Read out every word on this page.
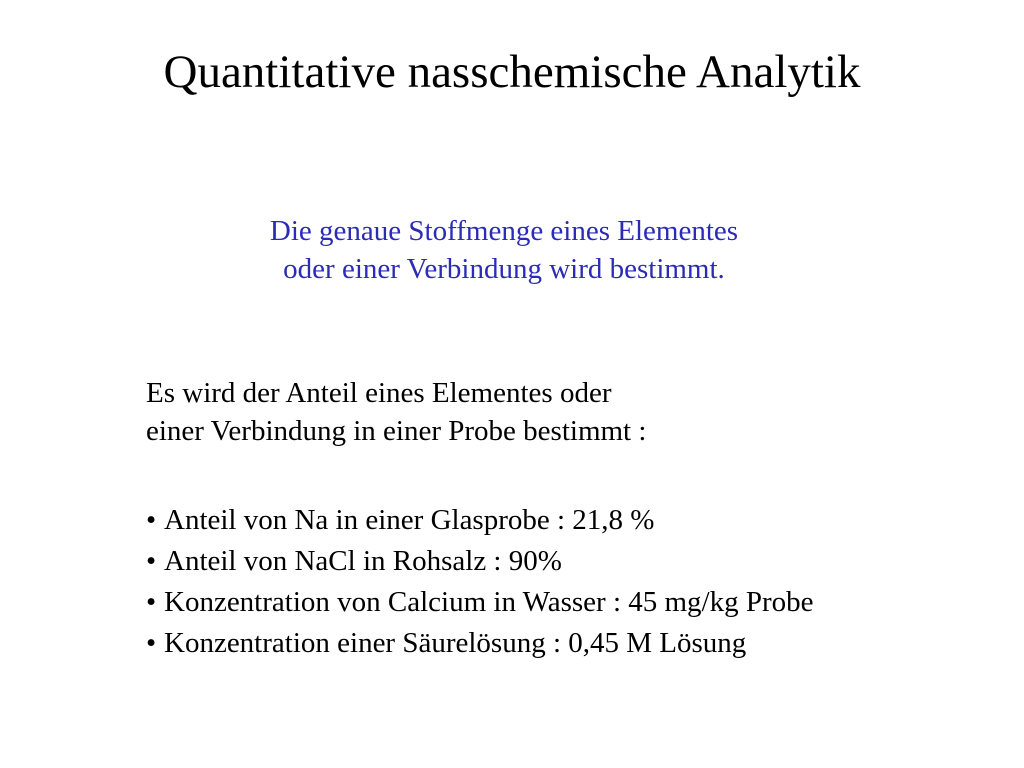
Quantitative nasschemische Analytik
Die genaue Stoffmenge eines Elementes
oder einer Verbindung wird bestimmt.
Es wird der Anteil eines Elementes oder
einer Verbindung in einer Probe bestimmt :
• Anteil von Na in einer Glasprobe : 21,8 %
• Anteil von NaCl in Rohsalz : 90%
• Konzentration von Calcium in Wasser : 45 mg/kg Probe
• Konzentration einer Säurelösung : 0,45 M Lösung
